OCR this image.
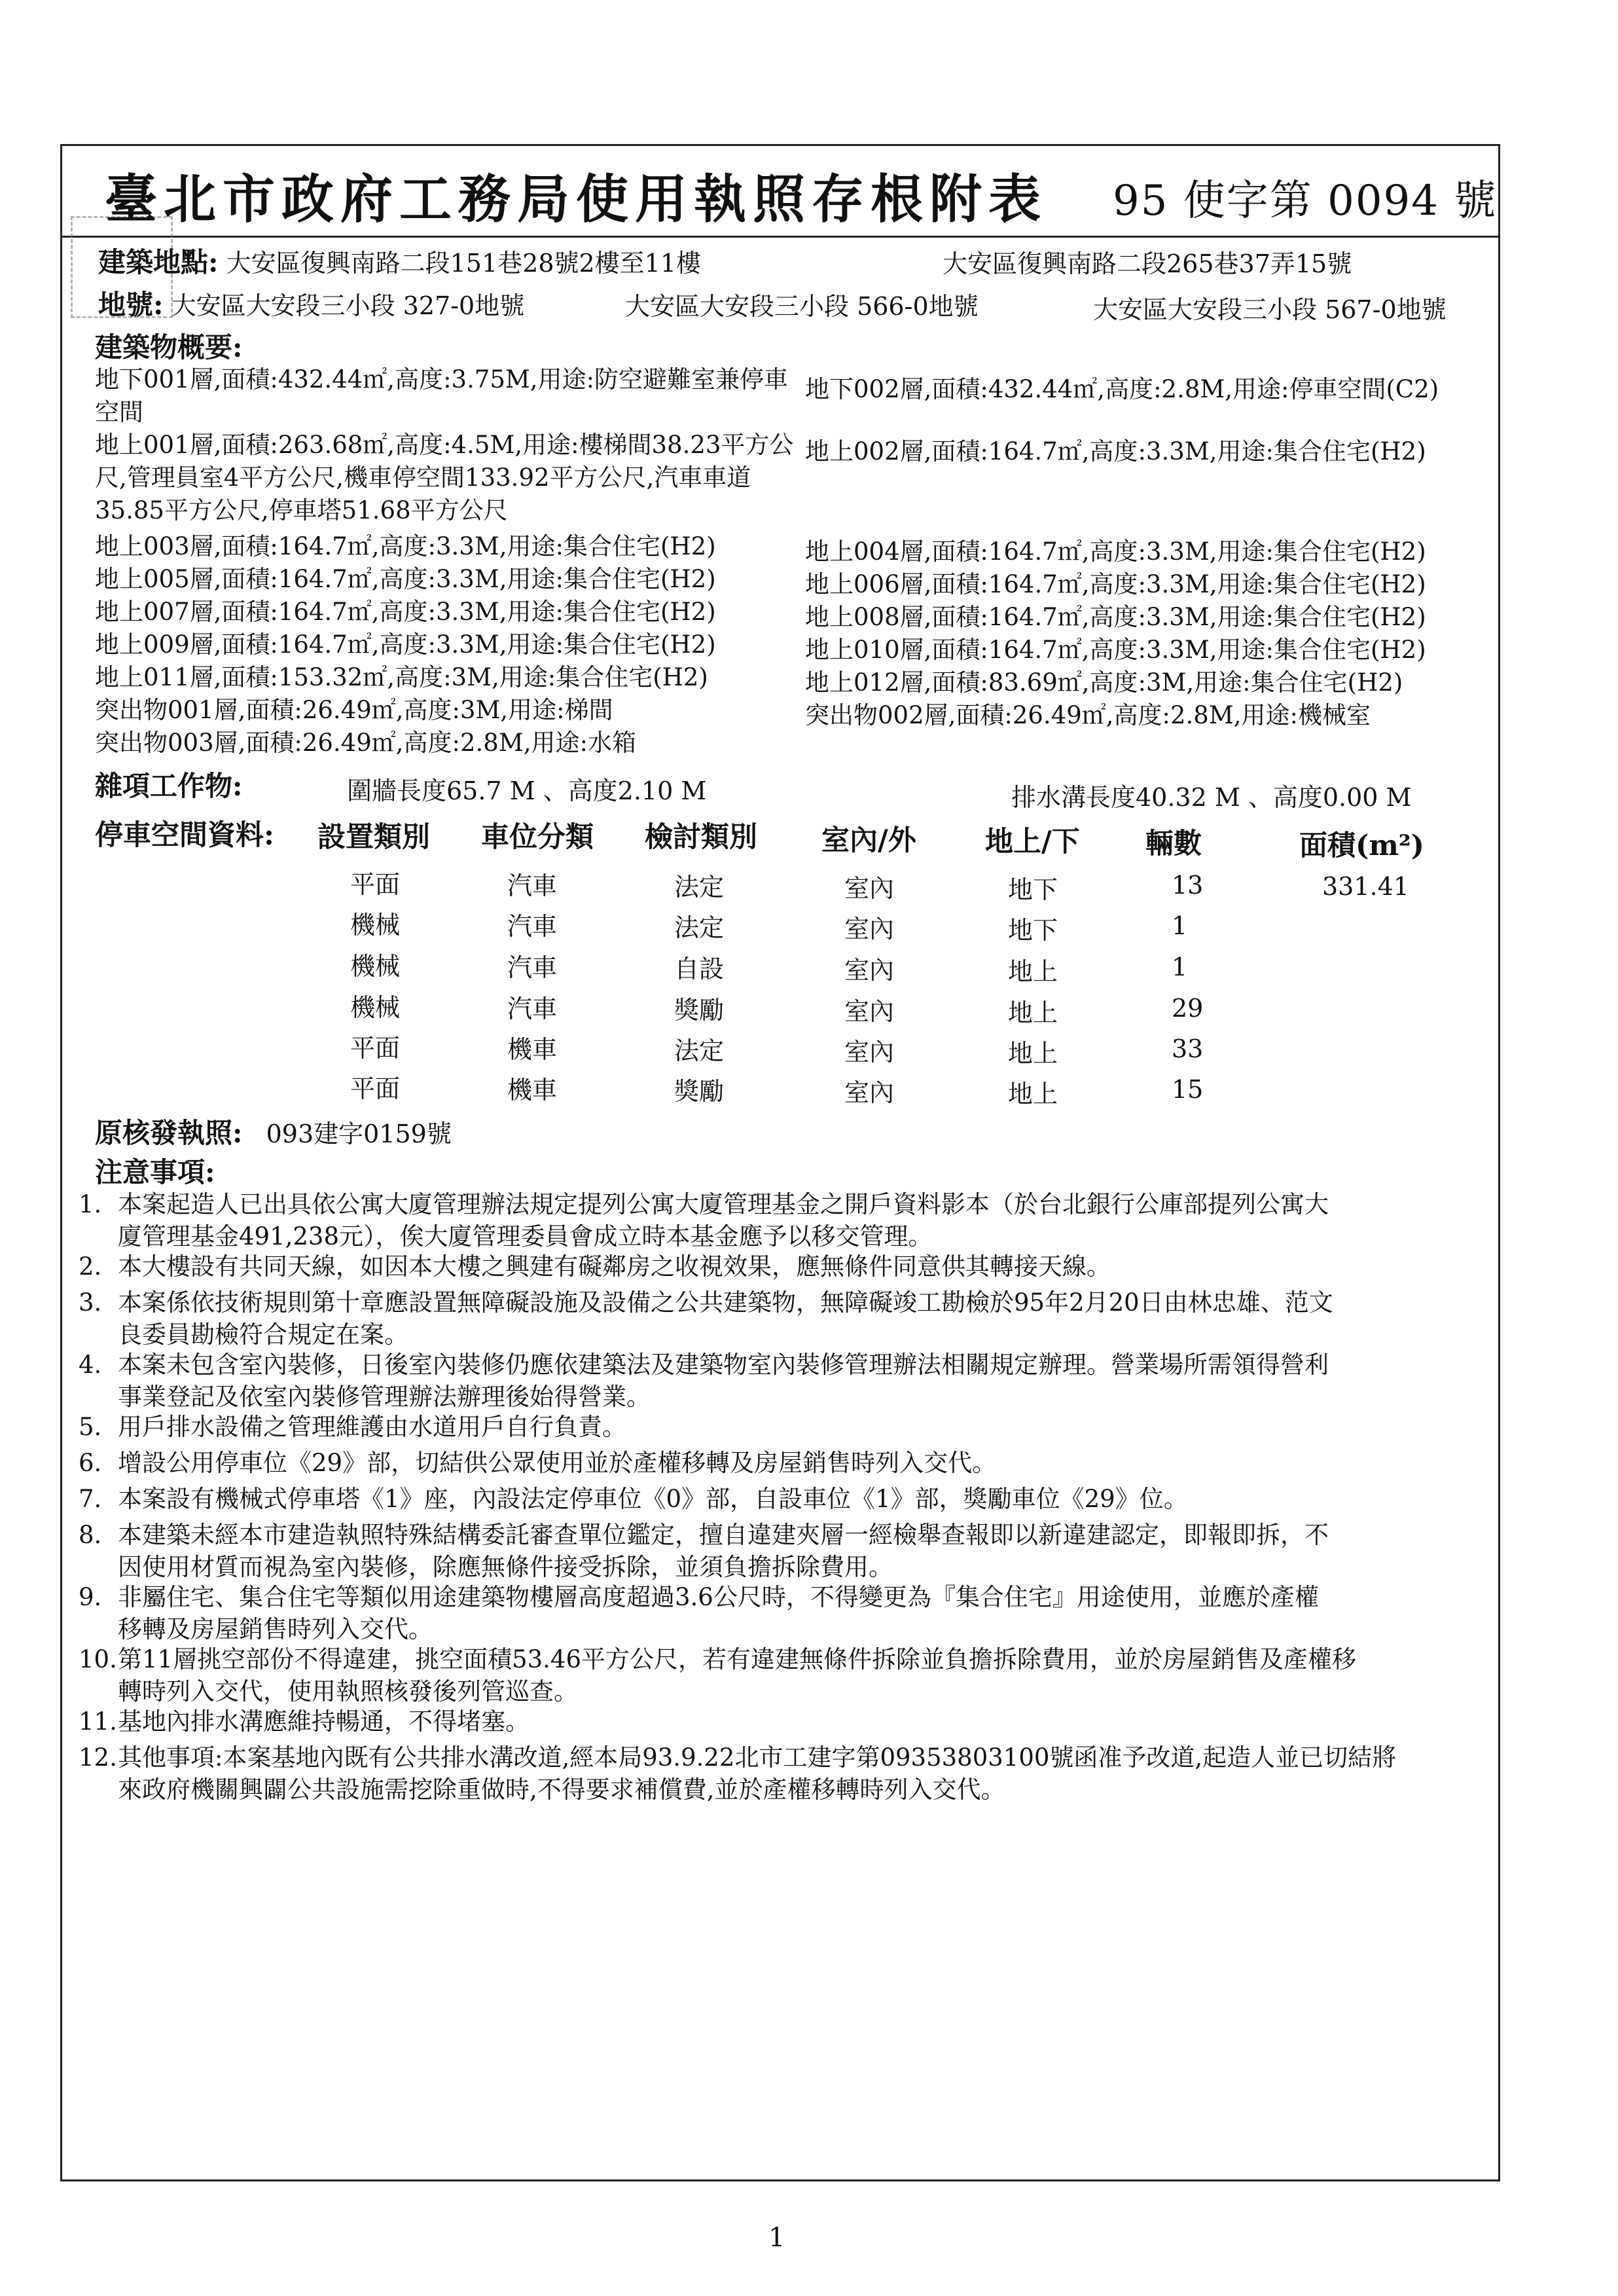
臺北市政府工務局使用執照存根附表 95 使字第 0094 號
建築地點: 大安區復興南路二段151巷28號2樓至11樓	大安區復興南路二段265巷37弄15號
地號: 大安區大安段三小段 327-0地號	大安區大安段三小段 566-0地號	大安區大安段三小段 567-0地號
建築物概要:
地下001層,面積:432.44㎡,高度:3.75M,用途:防空避難室兼停車空間
地上001層,面積:263.68㎡,高度:4.5M,用途:樓梯間38.23平方公尺,管理員室4平方公尺,機車停空間133.92平方公尺,汽車車道35.85平方公尺,停車塔51.68平方公尺
地上003層,面積:164.7㎡,高度:3.3M,用途:集合住宅(H2)
地上005層,面積:164.7㎡,高度:3.3M,用途:集合住宅(H2)
地上007層,面積:164.7㎡,高度:3.3M,用途:集合住宅(H2)
地上009層,面積:164.7㎡,高度:3.3M,用途:集合住宅(H2)
地上011層,面積:153.32㎡,高度:3M,用途:集合住宅(H2)
突出物001層,面積:26.49㎡,高度:3M,用途:梯間
突出物003層,面積:26.49㎡,高度:2.8M,用途:水箱
地下002層,面積:432.44㎡,高度:2.8M,用途:停車空間(C2)
地上002層,面積:164.7㎡,高度:3.3M,用途:集合住宅(H2)
地上004層,面積:164.7㎡,高度:3.3M,用途:集合住宅(H2)
地上006層,面積:164.7㎡,高度:3.3M,用途:集合住宅(H2)
地上008層,面積:164.7㎡,高度:3.3M,用途:集合住宅(H2)
地上010層,面積:164.7㎡,高度:3.3M,用途:集合住宅(H2)
地上012層,面積:83.69㎡,高度:3M,用途:集合住宅(H2)
突出物002層,面積:26.49㎡,高度:2.8M,用途:機械室
雜項工作物:	圍牆長度65.7 M 、高度2.10 M	排水溝長度40.32 M 、高度0.00 M
停車空間資料: 設置類別 車位分類 檢討類別 室內/外 地上/下 輛數	面積(m²)
平面	汽車	法定	室內	地下	13	331.41
機械	汽車	法定	室內	地下	1
機械	汽車	自設	室內	地上	1
機械	汽車	獎勵	室內	地上	29
平面	機車	法定	室內	地上	33
平面	機車	獎勵	室內	地上	15
原核發執照: 093建字0159號
注意事項:
1. 本案起造人已出具依公寓大廈管理辦法規定提列公寓大廈管理基金之開戶資料影本（於台北銀行公庫部提列公寓大
廈管理基金491,238元），俟大廈管理委員會成立時本基金應予以移交管理。
2. 本大樓設有共同天線，如因本大樓之興建有礙鄰房之收視效果，應無條件同意供其轉接天線。
3. 本案係依技術規則第十章應設置無障礙設施及設備之公共建築物，無障礙竣工勘檢於95年2月20日由林忠雄、范文
良委員勘檢符合規定在案。
4. 本案未包含室內裝修，日後室內裝修仍應依建築法及建築物室內裝修管理辦法相關規定辦理。營業場所需領得營利
事業登記及依室內裝修管理辦法辦理後始得營業。
5. 用戶排水設備之管理維護由水道用戶自行負責。
6. 增設公用停車位《29》部，切結供公眾使用並於產權移轉及房屋銷售時列入交代。
7. 本案設有機械式停車塔《1》座，內設法定停車位《0》部，自設車位《1》部，獎勵車位《29》位。
8. 本建築未經本市建造執照特殊結構委託審查單位鑑定，擅自違建夾層一經檢舉查報即以新違建認定，即報即拆，不
因使用材質而視為室內裝修，除應無條件接受拆除，並須負擔拆除費用。
9. 非屬住宅、集合住宅等類似用途建築物樓層高度超過3.6公尺時，不得變更為『集合住宅』用途使用，並應於產權
移轉及房屋銷售時列入交代。
10. 第11層挑空部份不得違建，挑空面積53.46平方公尺，若有違建無條件拆除並負擔拆除費用，並於房屋銷售及產權移
轉時列入交代，使用執照核發後列管巡查。
11. 基地內排水溝應維持暢通，不得堵塞。
12. 其他事項:本案基地內既有公共排水溝改道,經本局93.9.22北市工建字第09353803100號函准予改道,起造人並已切結將
來政府機關興闢公共設施需挖除重做時,不得要求補償費,並於產權移轉時列入交代。
1
